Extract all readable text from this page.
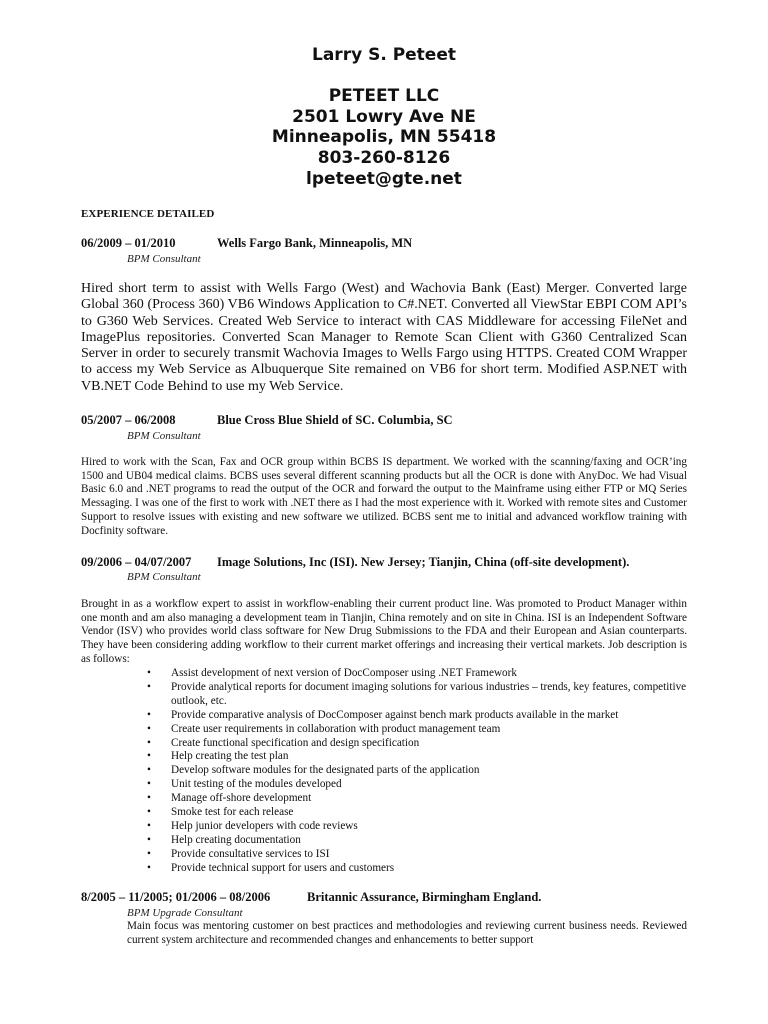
Larry S. Peteet
PETEET LLC
2501 Lowry Ave NE
Minneapolis, MN 55418
803-260-8126
lpeteet@gte.net
EXPERIENCE DETAILED
06/2009 – 01/2010	Wells Fargo Bank, Minneapolis, MN
BPM Consultant

Hired short term to assist with Wells Fargo (West) and Wachovia Bank (East) Merger. Converted large Global 360 (Process 360) VB6 Windows Application to C#.NET. Converted all ViewStar EBPI COM API’s to G360 Web Services. Created Web Service to interact with CAS Middleware for accessing FileNet and ImagePlus repositories. Converted Scan Manager to Remote Scan Client with G360 Centralized Scan Server in order to securely transmit Wachovia Images to Wells Fargo using HTTPS. Created COM Wrapper to access my Web Service as Albuquerque Site remained on VB6 for short term. Modified ASP.NET with VB.NET Code Behind to use my Web Service.

05/2007 – 06/2008	Blue Cross Blue Shield of SC. Columbia, SC
BPM Consultant

Hired to work with the Scan, Fax and OCR group within BCBS IS department. We worked with the scanning/faxing and OCR’ing 1500 and UB04 medical claims. BCBS uses several different scanning products but all the OCR is done with AnyDoc. We had Visual Basic 6.0 and .NET programs to read the output of the OCR and forward the output to the Mainframe using either FTP or MQ Series Messaging. I was one of the first to work with .NET there as I had the most experience with it. Worked with remote sites and Customer Support to resolve issues with existing and new software we utilized. BCBS sent me to initial and advanced workflow training with Docfinity software.

09/2006 – 04/07/2007 Image Solutions, Inc (ISI). New Jersey; Tianjin, China (off-site development).
BPM Consultant

Brought in as a workflow expert to assist in workflow-enabling their current product line. Was promoted to Product Manager within one month and am also managing a development team in Tianjin, China remotely and on site in China. ISI is an Independent Software Vendor (ISV) who provides world class software for New Drug Submissions to the FDA and their European and Asian counterparts. They have been considering adding workflow to their current market offerings and increasing their vertical markets. Job description is as follows:

• Assist development of next version of DocComposer using .NET Framework
• Provide analytical reports for document imaging solutions for various industries – trends, key features, competitive outlook, etc.
• Provide comparative analysis of DocComposer against bench mark products available in the market
• Create user requirements in collaboration with product management team
• Create functional specification and design specification
• Help creating the test plan
• Develop software modules for the designated parts of the application
• Unit testing of the modules developed
• Manage off-shore development
• Smoke test for each release
• Help junior developers with code reviews
• Help creating documentation
• Provide consultative services to ISI
• Provide technical support for users and customers
8/2005 – 11/2005; 01/2006 – 08/2006	Britannic Assurance, Birmingham England.
BPM Upgrade Consultant

Main focus was mentoring customer on best practices and methodologies and reviewing current business needs. Reviewed current system architecture and recommended changes and enhancements to better support
